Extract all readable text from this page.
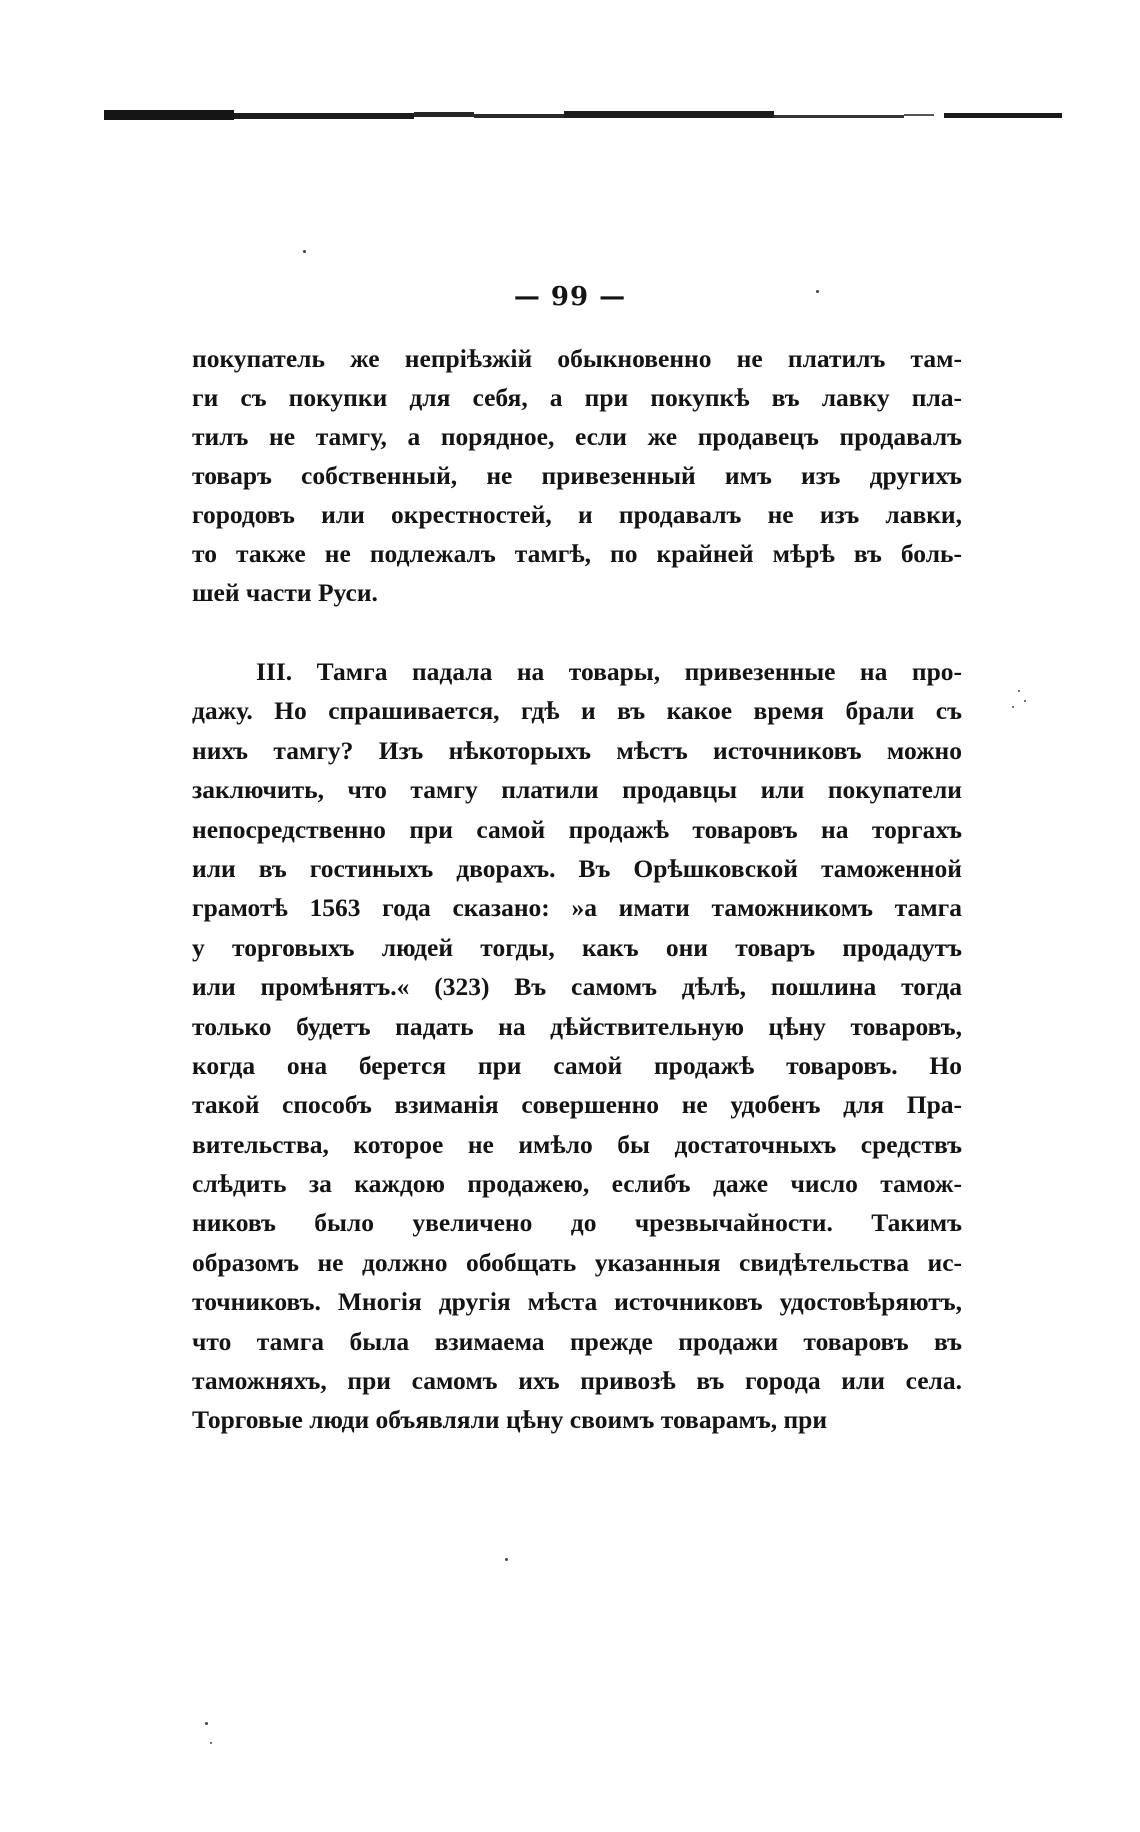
— 99 —
покупатель же непріѣзжій обыкновенно не платилъ там-
ги съ покупки для себя, а при покупкѣ въ лавку пла-
тилъ не тамгу, а порядное, если же продавецъ продавалъ
товаръ собственный, не привезенный имъ изъ другихъ
городовъ или окрестностей, и продавалъ не изъ лавки,
то также не подлежалъ тамгѣ, по крайней мѣрѣ въ боль-
шей части Руси.
III. Тамга падала на товары, привезенные на про-
дажу. Но спрашивается, гдѣ и въ какое время брали съ
нихъ тамгу? Изъ нѣкоторыхъ мѣстъ источниковъ можно
заключить, что тамгу платили продавцы или покупатели
непосредственно при самой продажѣ товаровъ на торгахъ
или въ гостиныхъ дворахъ. Въ Орѣшковской таможенной
грамотѣ 1563 года сказано: »а имати таможникомъ тамга
у торговыхъ людей тогды, какъ они товаръ продадутъ
или промѣнятъ.« (323) Въ самомъ дѣлѣ, пошлина тогда
только будетъ падать на дѣйствительную цѣну товаровъ,
когда она берется при самой продажѣ товаровъ. Но
такой способъ взиманія совершенно не удобенъ для Пра-
вительства, которое не имѣло бы достаточныхъ средствъ
слѣдить за каждою продажею, еслибъ даже число тамож-
никовъ было увеличено до чрезвычайности. Такимъ
образомъ не должно обобщать указанныя свидѣтельства ис-
точниковъ. Многія другія мѣста источниковъ удостовѣряютъ,
что тамга была взимаема прежде продажи товаровъ въ
таможняхъ, при самомъ ихъ привозѣ въ города или села.
Торговые люди объявляли цѣну своимъ товарамъ, при
